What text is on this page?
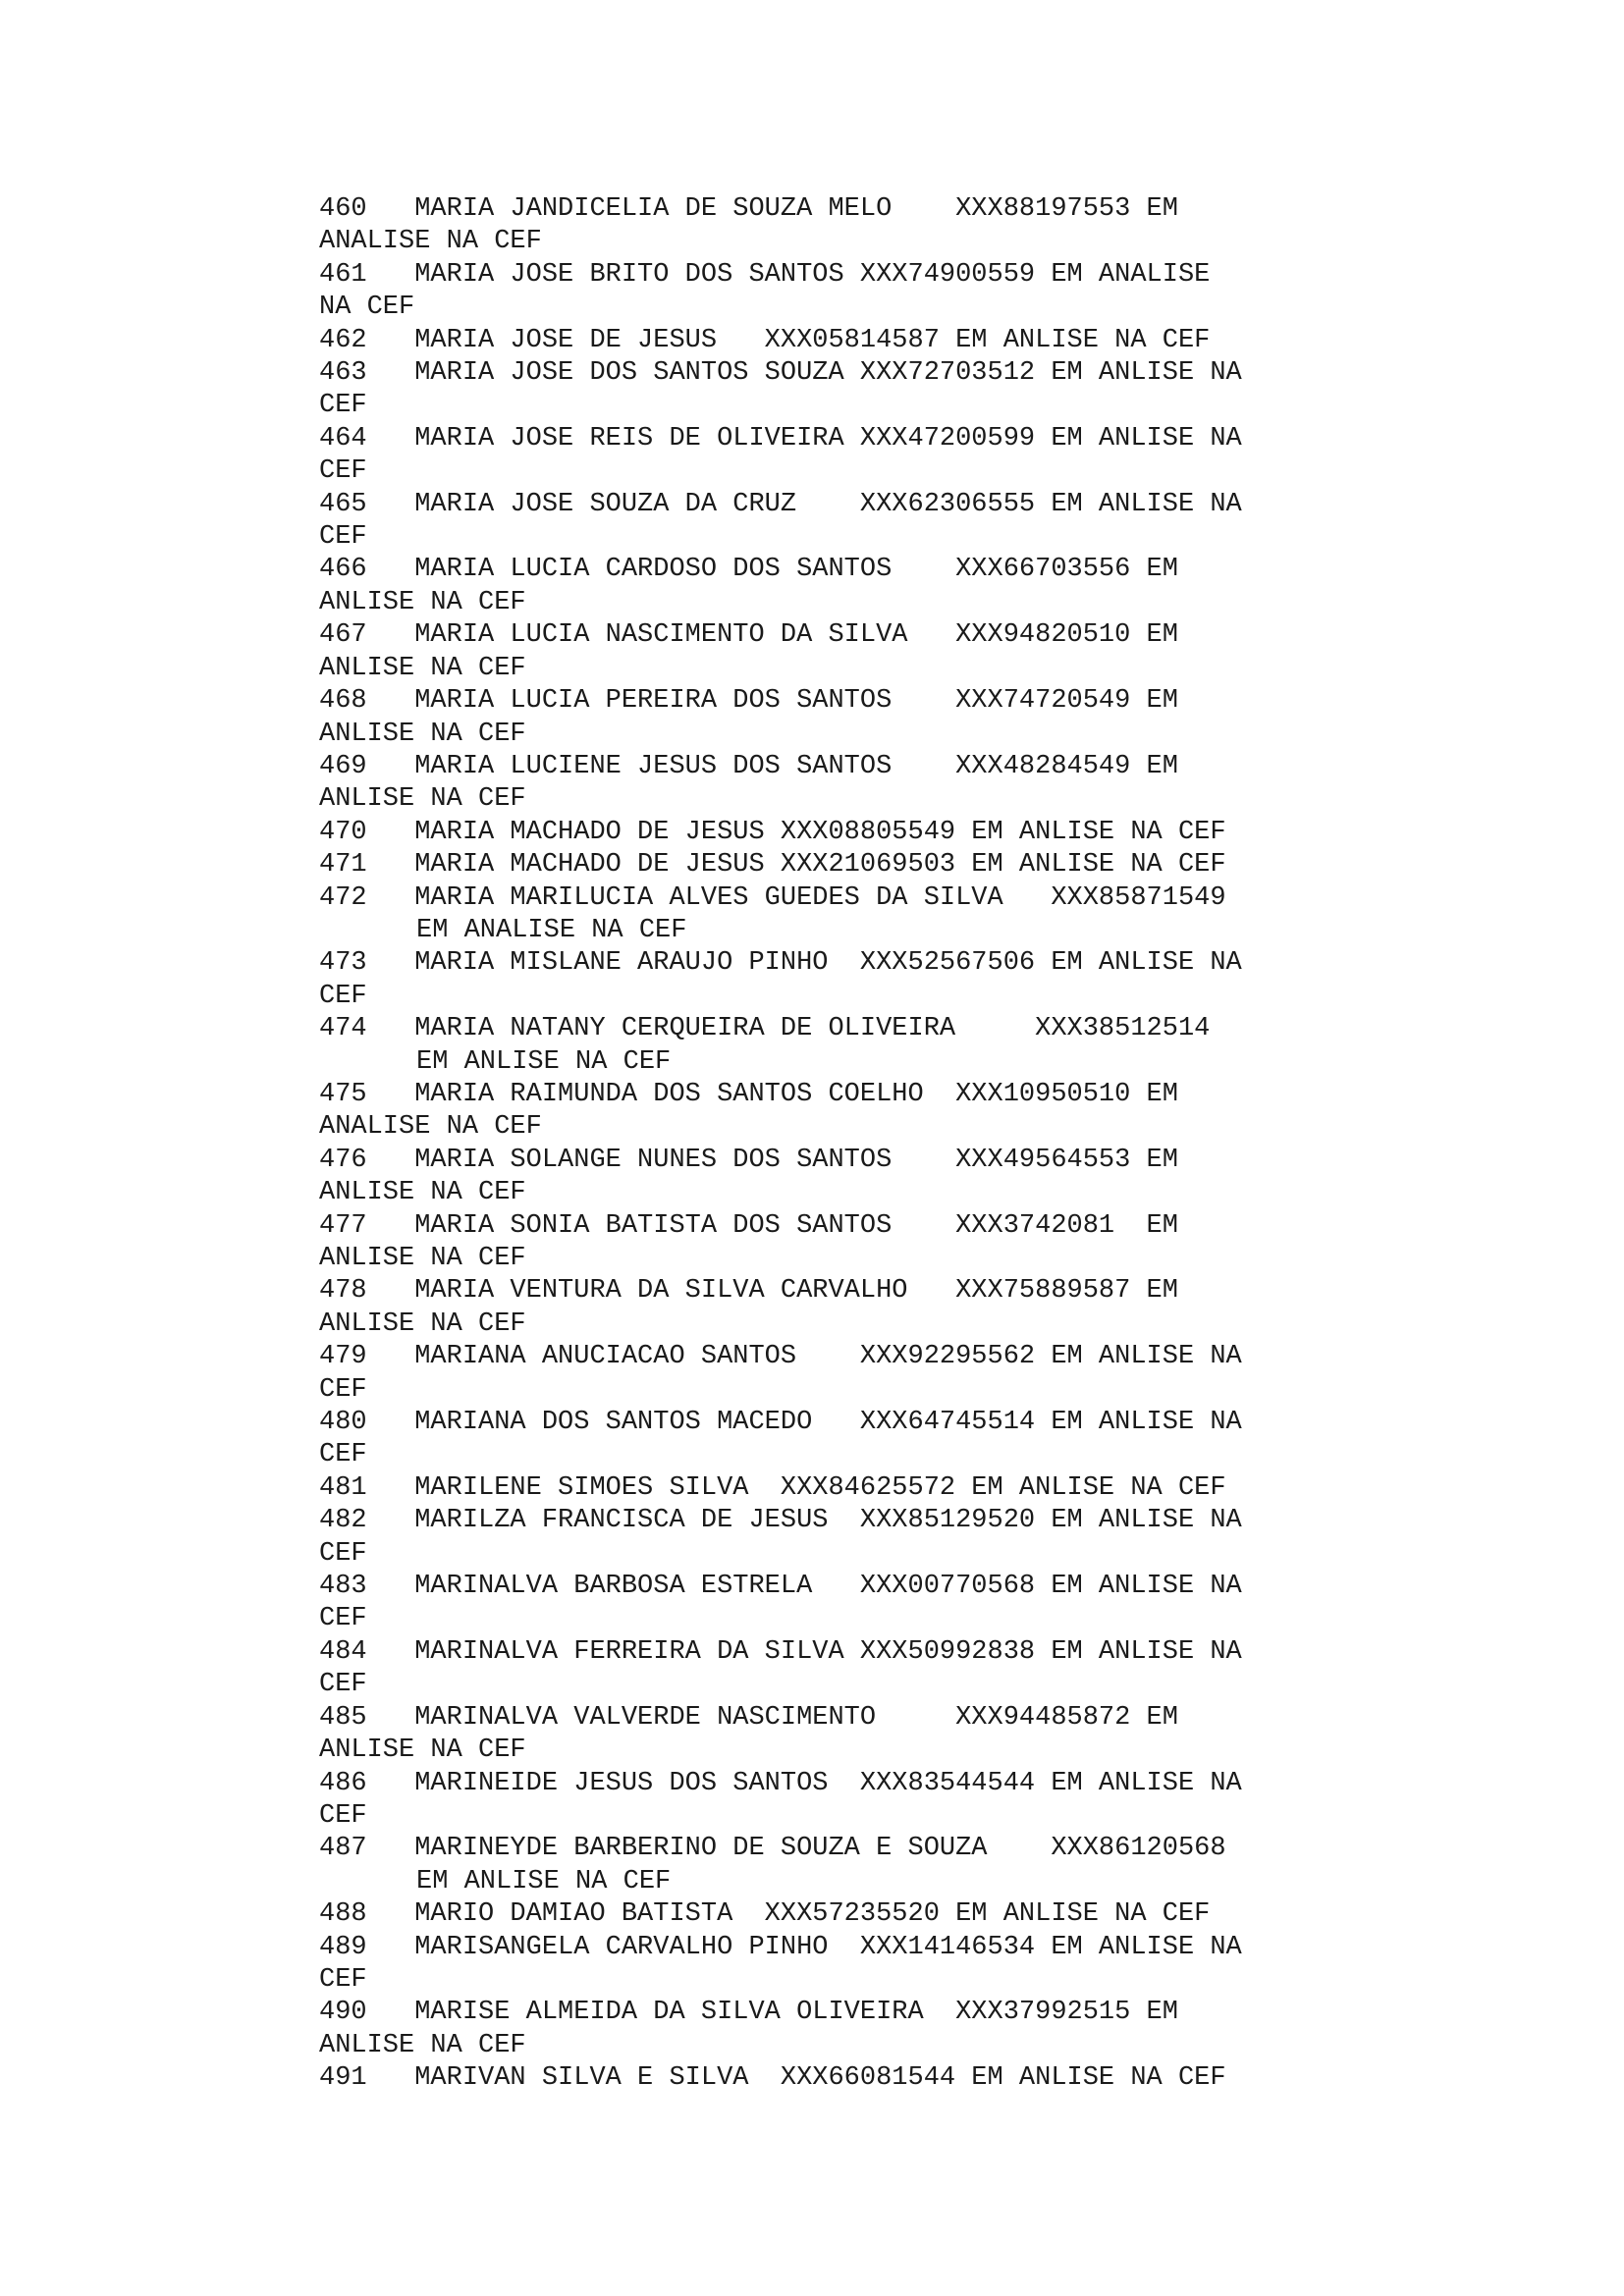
460   MARIA JANDICELIA DE SOUZA MELO    XXX88197553 EM
ANALISE NA CEF
461   MARIA JOSE BRITO DOS SANTOS XXX74900559 EM ANALISE
NA CEF
462   MARIA JOSE DE JESUS   XXX05814587 EM ANLISE NA CEF
463   MARIA JOSE DOS SANTOS SOUZA XXX72703512 EM ANLISE NA
CEF
464   MARIA JOSE REIS DE OLIVEIRA XXX47200599 EM ANLISE NA
CEF
465   MARIA JOSE SOUZA DA CRUZ    XXX62306555 EM ANLISE NA
CEF
466   MARIA LUCIA CARDOSO DOS SANTOS    XXX66703556 EM
ANLISE NA CEF
467   MARIA LUCIA NASCIMENTO DA SILVA   XXX94820510 EM
ANLISE NA CEF
468   MARIA LUCIA PEREIRA DOS SANTOS    XXX74720549 EM
ANLISE NA CEF
469   MARIA LUCIENE JESUS DOS SANTOS    XXX48284549 EM
ANLISE NA CEF
470   MARIA MACHADO DE JESUS XXX08805549 EM ANLISE NA CEF
471   MARIA MACHADO DE JESUS XXX21069503 EM ANLISE NA CEF
472   MARIA MARILUCIA ALVES GUEDES DA SILVA   XXX85871549
EM ANALISE NA CEF
473   MARIA MISLANE ARAUJO PINHO  XXX52567506 EM ANLISE NA
CEF
474   MARIA NATANY CERQUEIRA DE OLIVEIRA     XXX38512514
EM ANLISE NA CEF
475   MARIA RAIMUNDA DOS SANTOS COELHO  XXX10950510 EM
ANALISE NA CEF
476   MARIA SOLANGE NUNES DOS SANTOS    XXX49564553 EM
ANLISE NA CEF
477   MARIA SONIA BATISTA DOS SANTOS    XXX3742081  EM
ANLISE NA CEF
478   MARIA VENTURA DA SILVA CARVALHO   XXX75889587 EM
ANLISE NA CEF
479   MARIANA ANUCIACAO SANTOS    XXX92295562 EM ANLISE NA
CEF
480   MARIANA DOS SANTOS MACEDO   XXX64745514 EM ANLISE NA
CEF
481   MARILENE SIMOES SILVA  XXX84625572 EM ANLISE NA CEF
482   MARILZA FRANCISCA DE JESUS  XXX85129520 EM ANLISE NA
CEF
483   MARINALVA BARBOSA ESTRELA   XXX00770568 EM ANLISE NA
CEF
484   MARINALVA FERREIRA DA SILVA XXX50992838 EM ANLISE NA
CEF
485   MARINALVA VALVERDE NASCIMENTO     XXX94485872 EM
ANLISE NA CEF
486   MARINEIDE JESUS DOS SANTOS  XXX83544544 EM ANLISE NA
CEF
487   MARINEYDE BARBERINO DE SOUZA E SOUZA    XXX86120568
EM ANLISE NA CEF
488   MARIO DAMIAO BATISTA  XXX57235520 EM ANLISE NA CEF
489   MARISANGELA CARVALHO PINHO  XXX14146534 EM ANLISE NA
CEF
490   MARISE ALMEIDA DA SILVA OLIVEIRA  XXX37992515 EM
ANLISE NA CEF
491   MARIVAN SILVA E SILVA  XXX66081544 EM ANLISE NA CEF
